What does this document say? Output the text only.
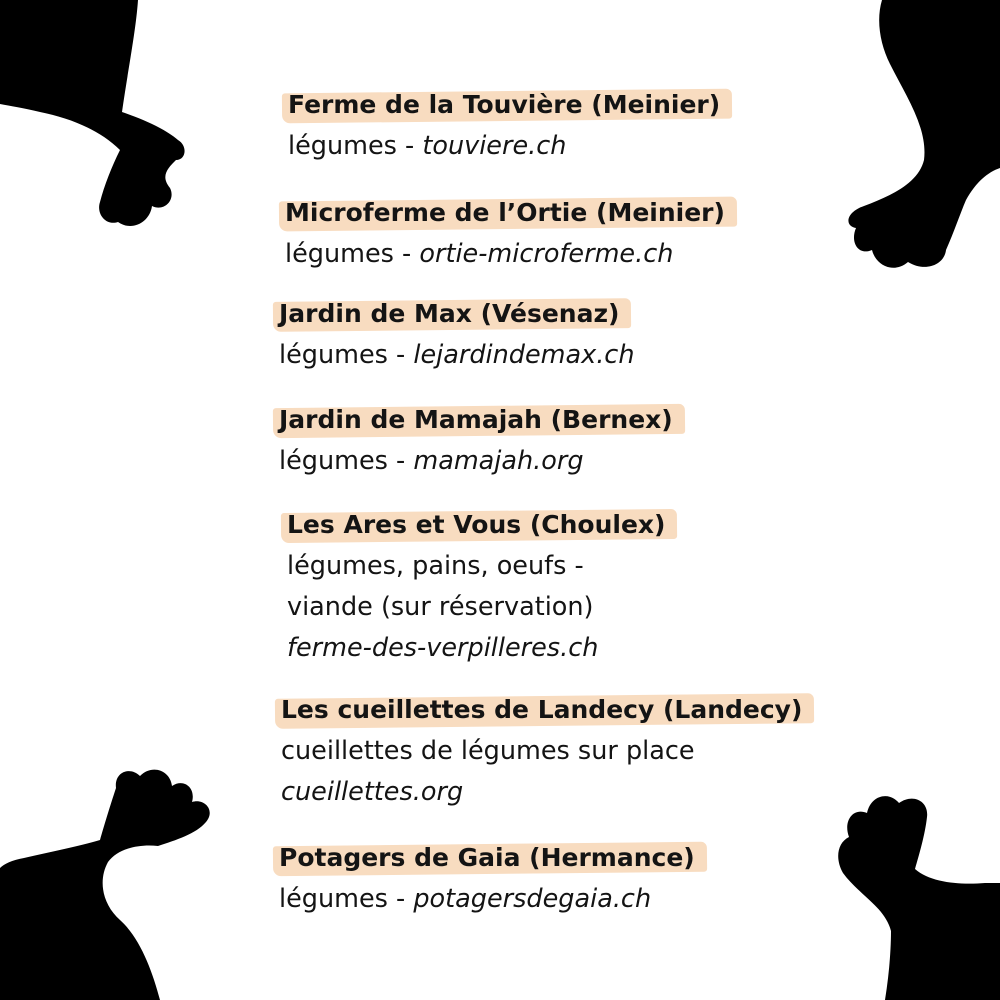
Ferme de la Touvière (Meinier)
légumes - touviere.ch
Microferme de l’Ortie (Meinier)
légumes - ortie-microferme.ch
Jardin de Max (Vésenaz)
légumes - lejardindemax.ch
Jardin de Mamajah (Bernex)
légumes - mamajah.org
Les Ares et Vous (Choulex)
légumes, pains, oeufs -
viande (sur réservation)
ferme-des-verpilleres.ch
Les cueillettes de Landecy (Landecy)
cueillettes de légumes sur place
cueillettes.org
Potagers de Gaia (Hermance)
légumes - potagersdegaia.ch
